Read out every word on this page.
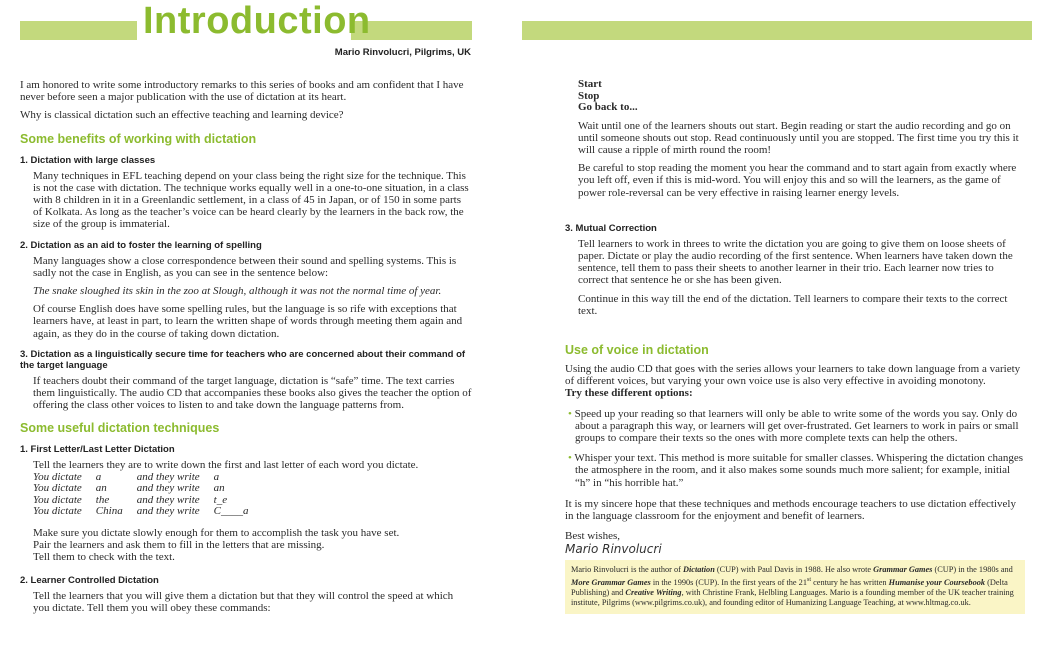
Introduction
Mario Rinvolucri, Pilgrims, UK

I am honored to write some introductory remarks to this series of books and am confident that I have never before seen a major publication with the use of dictation at its heart.

Why is classical dictation such an effective teaching and learning device?

Some benefits of working with dictation
1. Dictation with large classes

Many techniques in EFL teaching depend on your class being the right size for the technique. This is not the case with dictation. The technique works equally well in a one-to-one situation, in a class with 8 children in it in a Greenlandic settlement, in a class of 45 in Japan, or of 150 in some parts of Kolkata. As long as the teacher’s voice can be heard clearly by the learners in the back row, the size of the group is immaterial.

2. Dictation as an aid to foster the learning of spelling

Many languages show a close correspondence between their sound and spelling systems. This is sadly not the case in English, as you can see in the sentence below:

The snake sloughed its skin in the zoo at Slough, although it was not the normal time of year.

Of course English does have some spelling rules, but the language is so rife with exceptions that learners have, at least in part, to learn the written shape of words through meeting them again and again, as they do in the course of taking down dictation.

3. Dictation as a linguistically secure time for teachers who are concerned about their command of the target language

If teachers doubt their command of the target language, dictation is “safe” time. The text carries them linguistically. The audio CD that accompanies these books also gives the teacher the option of offering the class other voices to listen to and take down the language patterns from.

Some useful dictation techniques
1. First Letter/Last Letter Dictation

Tell the learners they are to write down the first and last letter of each word you dictate.

You dictate	a	and they write	a
You dictate	an	and they write	an
You dictate	the	and they write	t_e
You dictate	China	and they write	C____a

Make sure you dictate slowly enough for them to accomplish the task you have set.

Pair the learners and ask them to fill in the letters that are missing.

Tell them to check with the text.

2. Learner Controlled Dictation

Tell the learners that you will give them a dictation but that they will control the speed at which you dictate. Tell them you will obey these commands:

Start

Stop

Go back to...

Wait until one of the learners shouts out start. Begin reading or start the audio recording and go on until someone shouts out stop. Read continuously until you are stopped. The first time you try this it will cause a ripple of mirth round the room!

Be careful to stop reading the moment you hear the command and to start again from exactly where you left off, even if this is mid-word. You will enjoy this and so will the learners, as the game of power role-reversal can be very effective in raising learner energy levels.

3. Mutual Correction

Tell learners to work in threes to write the dictation you are going to give them on loose sheets of paper. Dictate or play the audio recording of the first sentence. When learners have taken down the sentence, tell them to pass their sheets to another learner in their trio. Each learner now tries to correct that sentence he or she has been given.

Continue in this way till the end of the dictation. Tell learners to compare their texts to the correct text.

Use of voice in dictation

Using the audio CD that goes with the series allows your learners to take down language from a variety of different voices, but varying your own voice use is also very effective in avoiding monotony.

Try these different options:

• Speed up your reading so that learners will only be able to write some of the words you say. Only do about a paragraph this way, or learners will get over-frustrated. Get learners to work in pairs or small groups to compare their texts so the ones with more complete texts can help the others.

• Whisper your text. This method is more suitable for smaller classes. Whispering the dictation changes the atmosphere in the room, and it also makes some sounds much more salient; for example, initial “h” in “his horrible hat.”

It is my sincere hope that these techniques and methods encourage teachers to use dictation effectively in the language classroom for the enjoyment and benefit of learners.

Best wishes,

Mario Rinvolucri

Mario Rinvolucri is the author of Dictation (CUP) with Paul Davis in 1988. He also wrote Grammar Games (CUP) in the 1980s and More Grammar Games in the 1990s (CUP). In the first years of the 21st century he has written Humanise your Coursebook (Delta Publishing) and Creative Writing, with Christine Frank, Helbling Languages. Mario is a founding member of the UK teacher training institute, Pilgrims (www.pilgrims.co.uk), and founding editor of Humanizing Language Teaching, at www.hltmag.co.uk.
